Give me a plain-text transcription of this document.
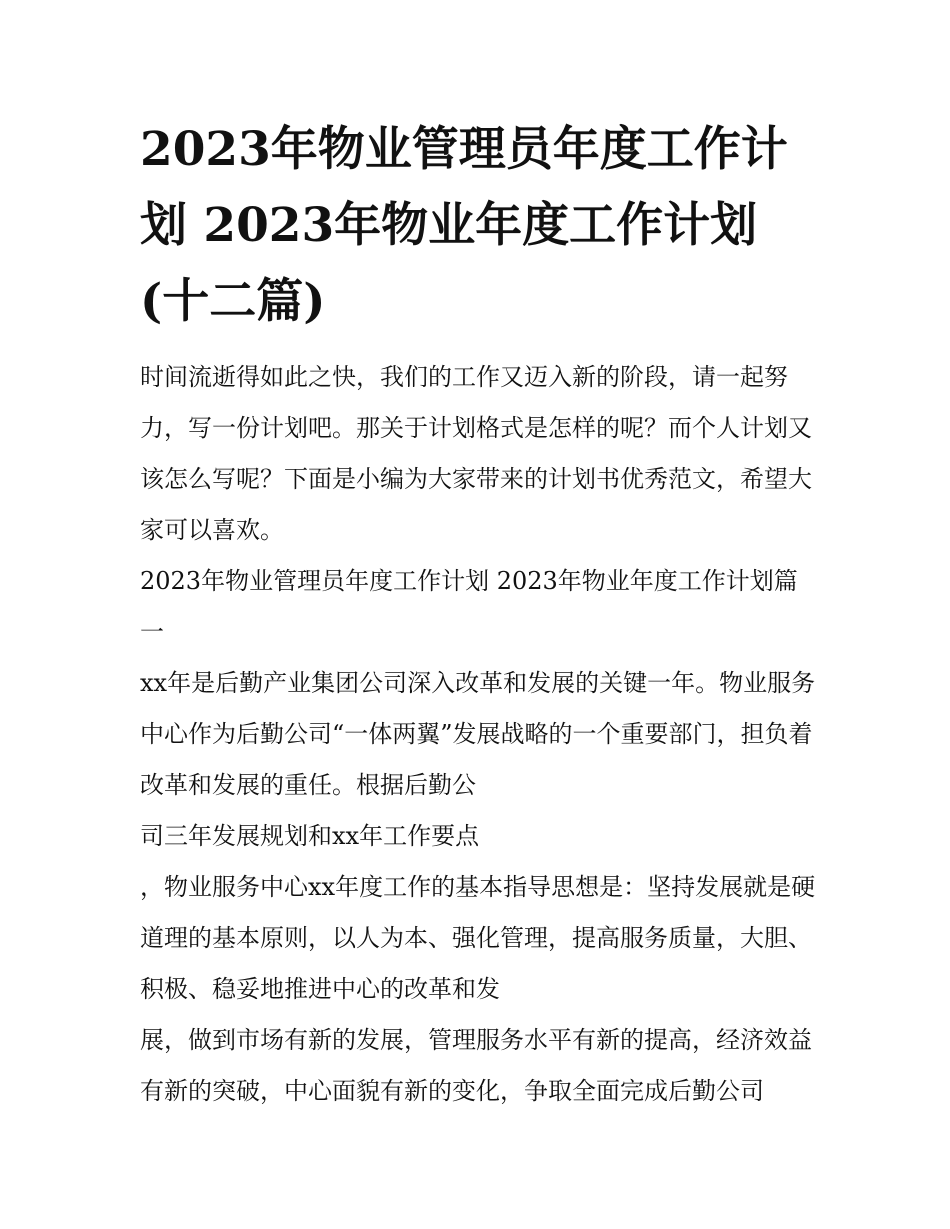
2023年物业管理员年度工作计划 2023年物业年度工作计划(十二篇)

时间流逝得如此之快，我们的工作又迈入新的阶段，请一起努力，写一份计划吧。那关于计划格式是怎样的呢？而个人计划又该怎么写呢？下面是小编为大家带来的计划书优秀范文，希望大家可以喜欢。

2023年物业管理员年度工作计划 2023年物业年度工作计划篇一

xx年是后勤产业集团公司深入改革和发展的关键一年。物业服务中心作为后勤公司“一体两翼”发展战略的一个重要部门，担负着改革和发展的重任。根据后勤公

司三年发展规划和xx年工作要点

，物业服务中心xx年度工作的基本指导思想是：坚持发展就是硬道理的基本原则，以人为本、强化管理，提高服务质量，大胆、积极、稳妥地推进中心的改革和发

展，做到市场有新的发展，管理服务水平有新的提高，经济效益有新的突破，中心面貌有新的变化，争取全面完成后勤公司
